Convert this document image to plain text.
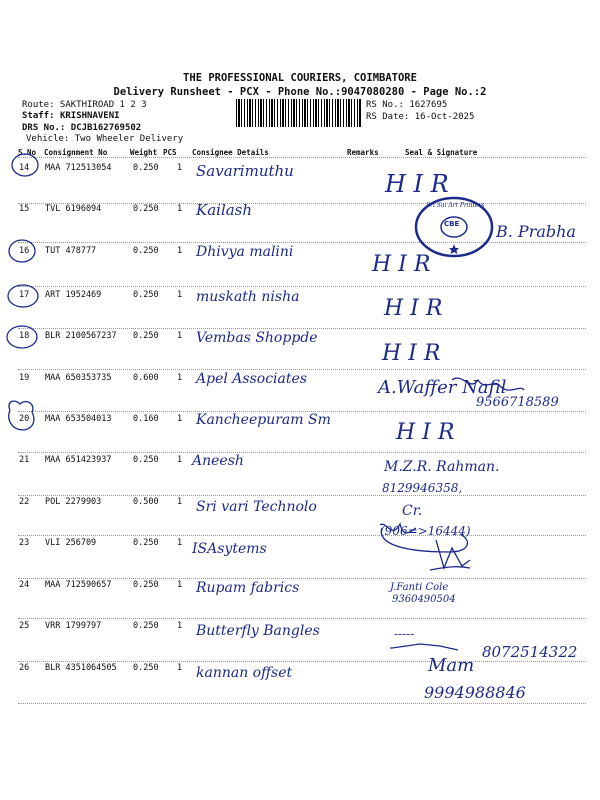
THE PROFESSIONAL COURIERS, COIMBATORE
Delivery Runsheet - PCX - Phone No.:9047080280 - Page No.:2
Route: SAKTHIROAD 1 2 3
Staff: KRISHNAVENI
DRS No.: DCJB162769502
Vehicle: Two Wheeler Delivery
RS No.: 1627695
RS Date: 16-Oct-2025
S.No Consignment No	Weight PCS Consignee Details	Remarks	Seal & Signature
14 MAA 712513054	0.250 1 Savarimuthu	H I R
15 TVL 6196094	0.250 1 Kailash
B. Prabha
16 TUT 478777	0.250 1 Dhivya malini	H I R
17 ART 1952469	0.250 1 muskath nisha	H I R
18 BLR 2100567237 0.250 1 Vembas Shoppde
H I R
19 MAA 650353735	0.600 1 Apel Associates	A.Waffer Nafil
9566718589
20 MAA 653504013	0.160 1 Kancheepuram Sm	H I R
21 MAA 651423937	0.250 1 Aneesh	M.Z.R. Rahman.
8129946358,
22 POL 2279903	0.500 1 Sri vari Technolo	Cr.
23 VLI 256709	0.250 1 ISAsytems
(906=>16444)
24 MAA 712590657	0.250 1 Rupam fabrics	J.Fanti Cole
9360490504
25 VRR 1799797	0.250 1 Butterfly Bangles	-----
8072514322
26 BLR 4351064505 0.250 1 kannan offset	Mam
9994988846
CBE
Sri Sai Art Printers
